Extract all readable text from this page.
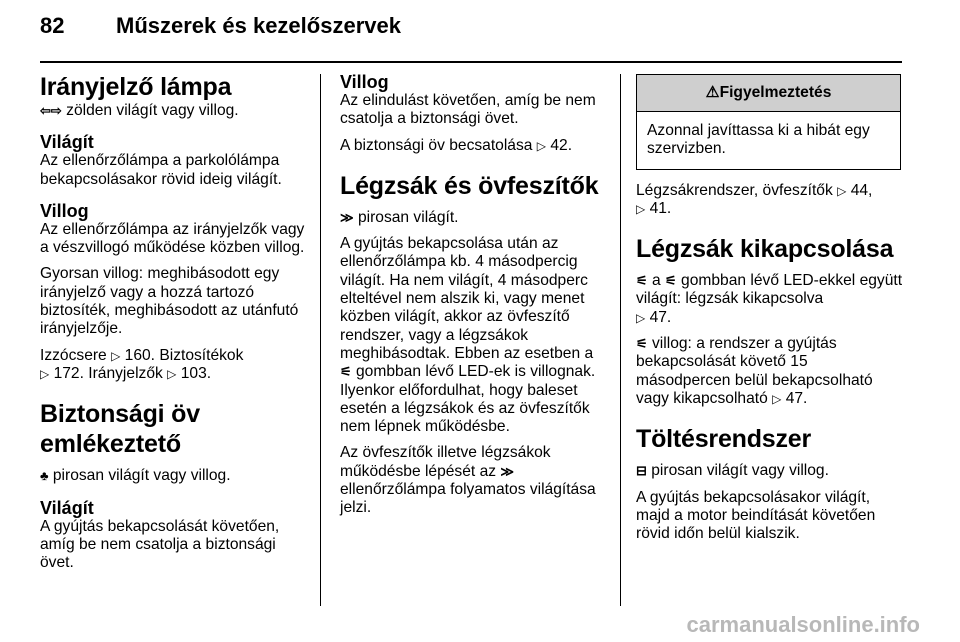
82 Műszerek és kezelőszervek
Irányjelző lámpa

⇦⇨ zölden világít vagy villog.

Világít

Az ellenőrzőlámpa a parkolólámpa bekapcsolásakor rövid ideig világít.

Villog

Az ellenőrzőlámpa az irányjelzők vagy a vészvillogó működése közben villog.

Gyorsan villog: meghibásodott egy irányjelző vagy a hozzá tartozó biztosíték, meghibásodott az utánfutó irányjelzője.

Izzócsere ▷ 160. Biztosítékok
▷ 172. Irányjelzők ▷ 103.

Biztonsági öv emlékeztető

♣ pirosan világít vagy villog.

Világít

A gyújtás bekapcsolását követően, amíg be nem csatolja a biztonsági övet.

Villog

Az elindulást követően, amíg be nem csatolja a biztonsági övet.

A biztonsági öv becsatolása ▷ 42.

Légzsák és övfeszítők

≫ pirosan világít.

A gyújtás bekapcsolása után az ellenőrzőlámpa kb. 4 másodpercig világít. Ha nem világít, 4 másodperc elteltével nem alszik ki, vagy menet közben világít, akkor az övfeszítő rendszer, vagy a légzsákok meghibásodtak. Ebben az esetben a
⚟ gombban lévő LED-ek is villognak. Ilyenkor előfordulhat, hogy baleset esetén a légzsákok és az övfeszítők nem lépnek működésbe.

Az övfeszítők illetve légzsákok működésbe lépését az ≫
ellenőrzőlámpa folyamatos világítása jelzi.

⚠Figyelmeztetés
Azonnal javíttassa ki a hibát egy szervizben.

Légzsákrendszer, övfeszítők ▷ 44,
▷ 41.

Légzsák kikapcsolása

⚟ a ⚟ gombban lévő LED-ekkel együtt világít: légzsák kikapcsolva
▷ 47.

⚟ villog: a rendszer a gyújtás bekapcsolását követő 15 másodpercen belül bekapcsolható vagy kikapcsolható ▷ 47.

Töltésrendszer

⊟ pirosan világít vagy villog.

A gyújtás bekapcsolásakor világít, majd a motor beindítását követően rövid időn belül kialszik.

carmanualsonline.info
